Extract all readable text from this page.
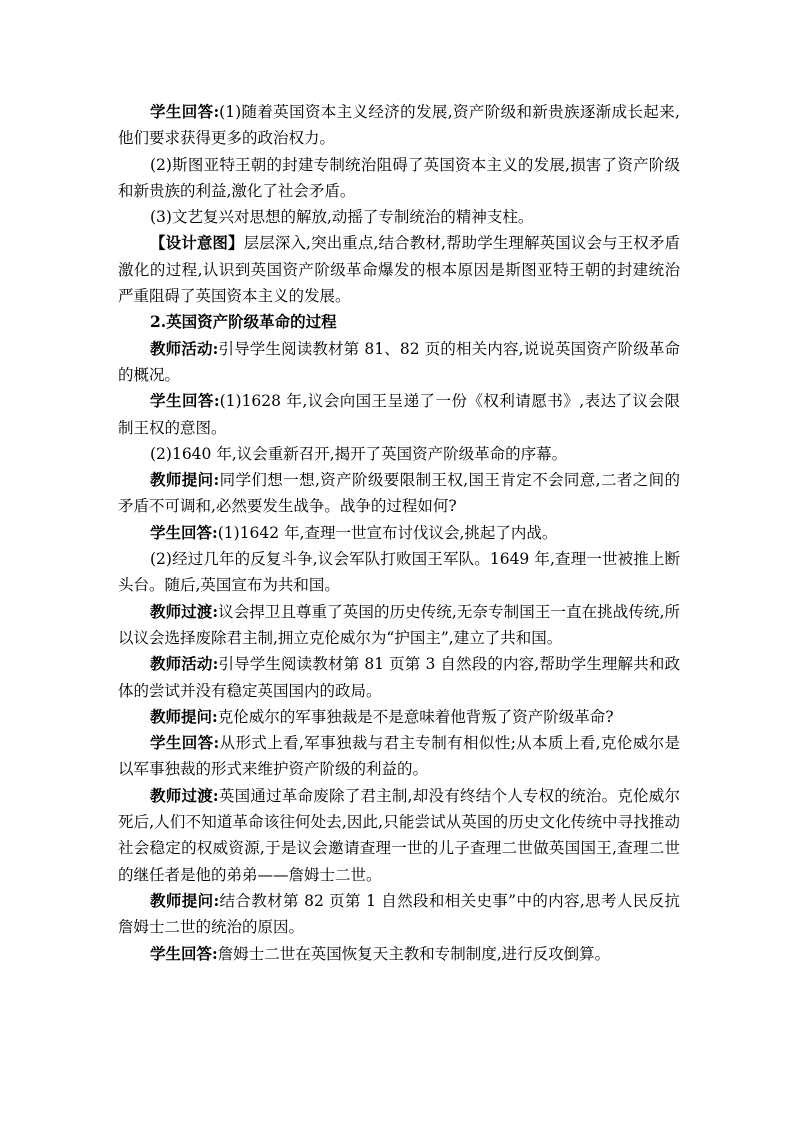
学生回答:(1)随着英国资本主义经济的发展,资产阶级和新贵族逐渐成长起来,他们要求获得更多的政治权力。

(2)斯图亚特王朝的封建专制统治阻碍了英国资本主义的发展,损害了资产阶级和新贵族的利益,激化了社会矛盾。

(3)文艺复兴对思想的解放,动摇了专制统治的精神支柱。

【设计意图】层层深入,突出重点,结合教材,帮助学生理解英国议会与王权矛盾激化的过程,认识到英国资产阶级革命爆发的根本原因是斯图亚特王朝的封建统治严重阻碍了英国资本主义的发展。

2.英国资产阶级革命的过程

教师活动:引导学生阅读教材第 81、82 页的相关内容,说说英国资产阶级革命的概况。

学生回答:(1)1628 年,议会向国王呈递了一份《权利请愿书》,表达了议会限制王权的意图。

(2)1640 年,议会重新召开,揭开了英国资产阶级革命的序幕。

教师提问:同学们想一想,资产阶级要限制王权,国王肯定不会同意,二者之间的矛盾不可调和,必然要发生战争。战争的过程如何?

学生回答:(1)1642 年,查理一世宣布讨伐议会,挑起了内战。

(2)经过几年的反复斗争,议会军队打败国王军队。1649 年,查理一世被推上断头台。随后,英国宣布为共和国。

教师过渡:议会捍卫且尊重了英国的历史传统,无奈专制国王一直在挑战传统,所以议会选择废除君主制,拥立克伦威尔为“护国主”,建立了共和国。

教师活动:引导学生阅读教材第 81 页第 3 自然段的内容,帮助学生理解共和政体的尝试并没有稳定英国国内的政局。

教师提问:克伦威尔的军事独裁是不是意味着他背叛了资产阶级革命?

学生回答:从形式上看,军事独裁与君主专制有相似性;从本质上看,克伦威尔是以军事独裁的形式来维护资产阶级的利益的。

教师过渡:英国通过革命废除了君主制,却没有终结个人专权的统治。克伦威尔死后,人们不知道革命该往何处去,因此,只能尝试从英国的历史文化传统中寻找推动社会稳定的权威资源,于是议会邀请查理一世的儿子查理二世做英国国王,查理二世的继任者是他的弟弟——詹姆士二世。

教师提问:结合教材第 82 页第 1 自然段和相关史事”中的内容,思考人民反抗詹姆士二世的统治的原因。

学生回答:詹姆士二世在英国恢复天主教和专制制度,进行反攻倒算。
